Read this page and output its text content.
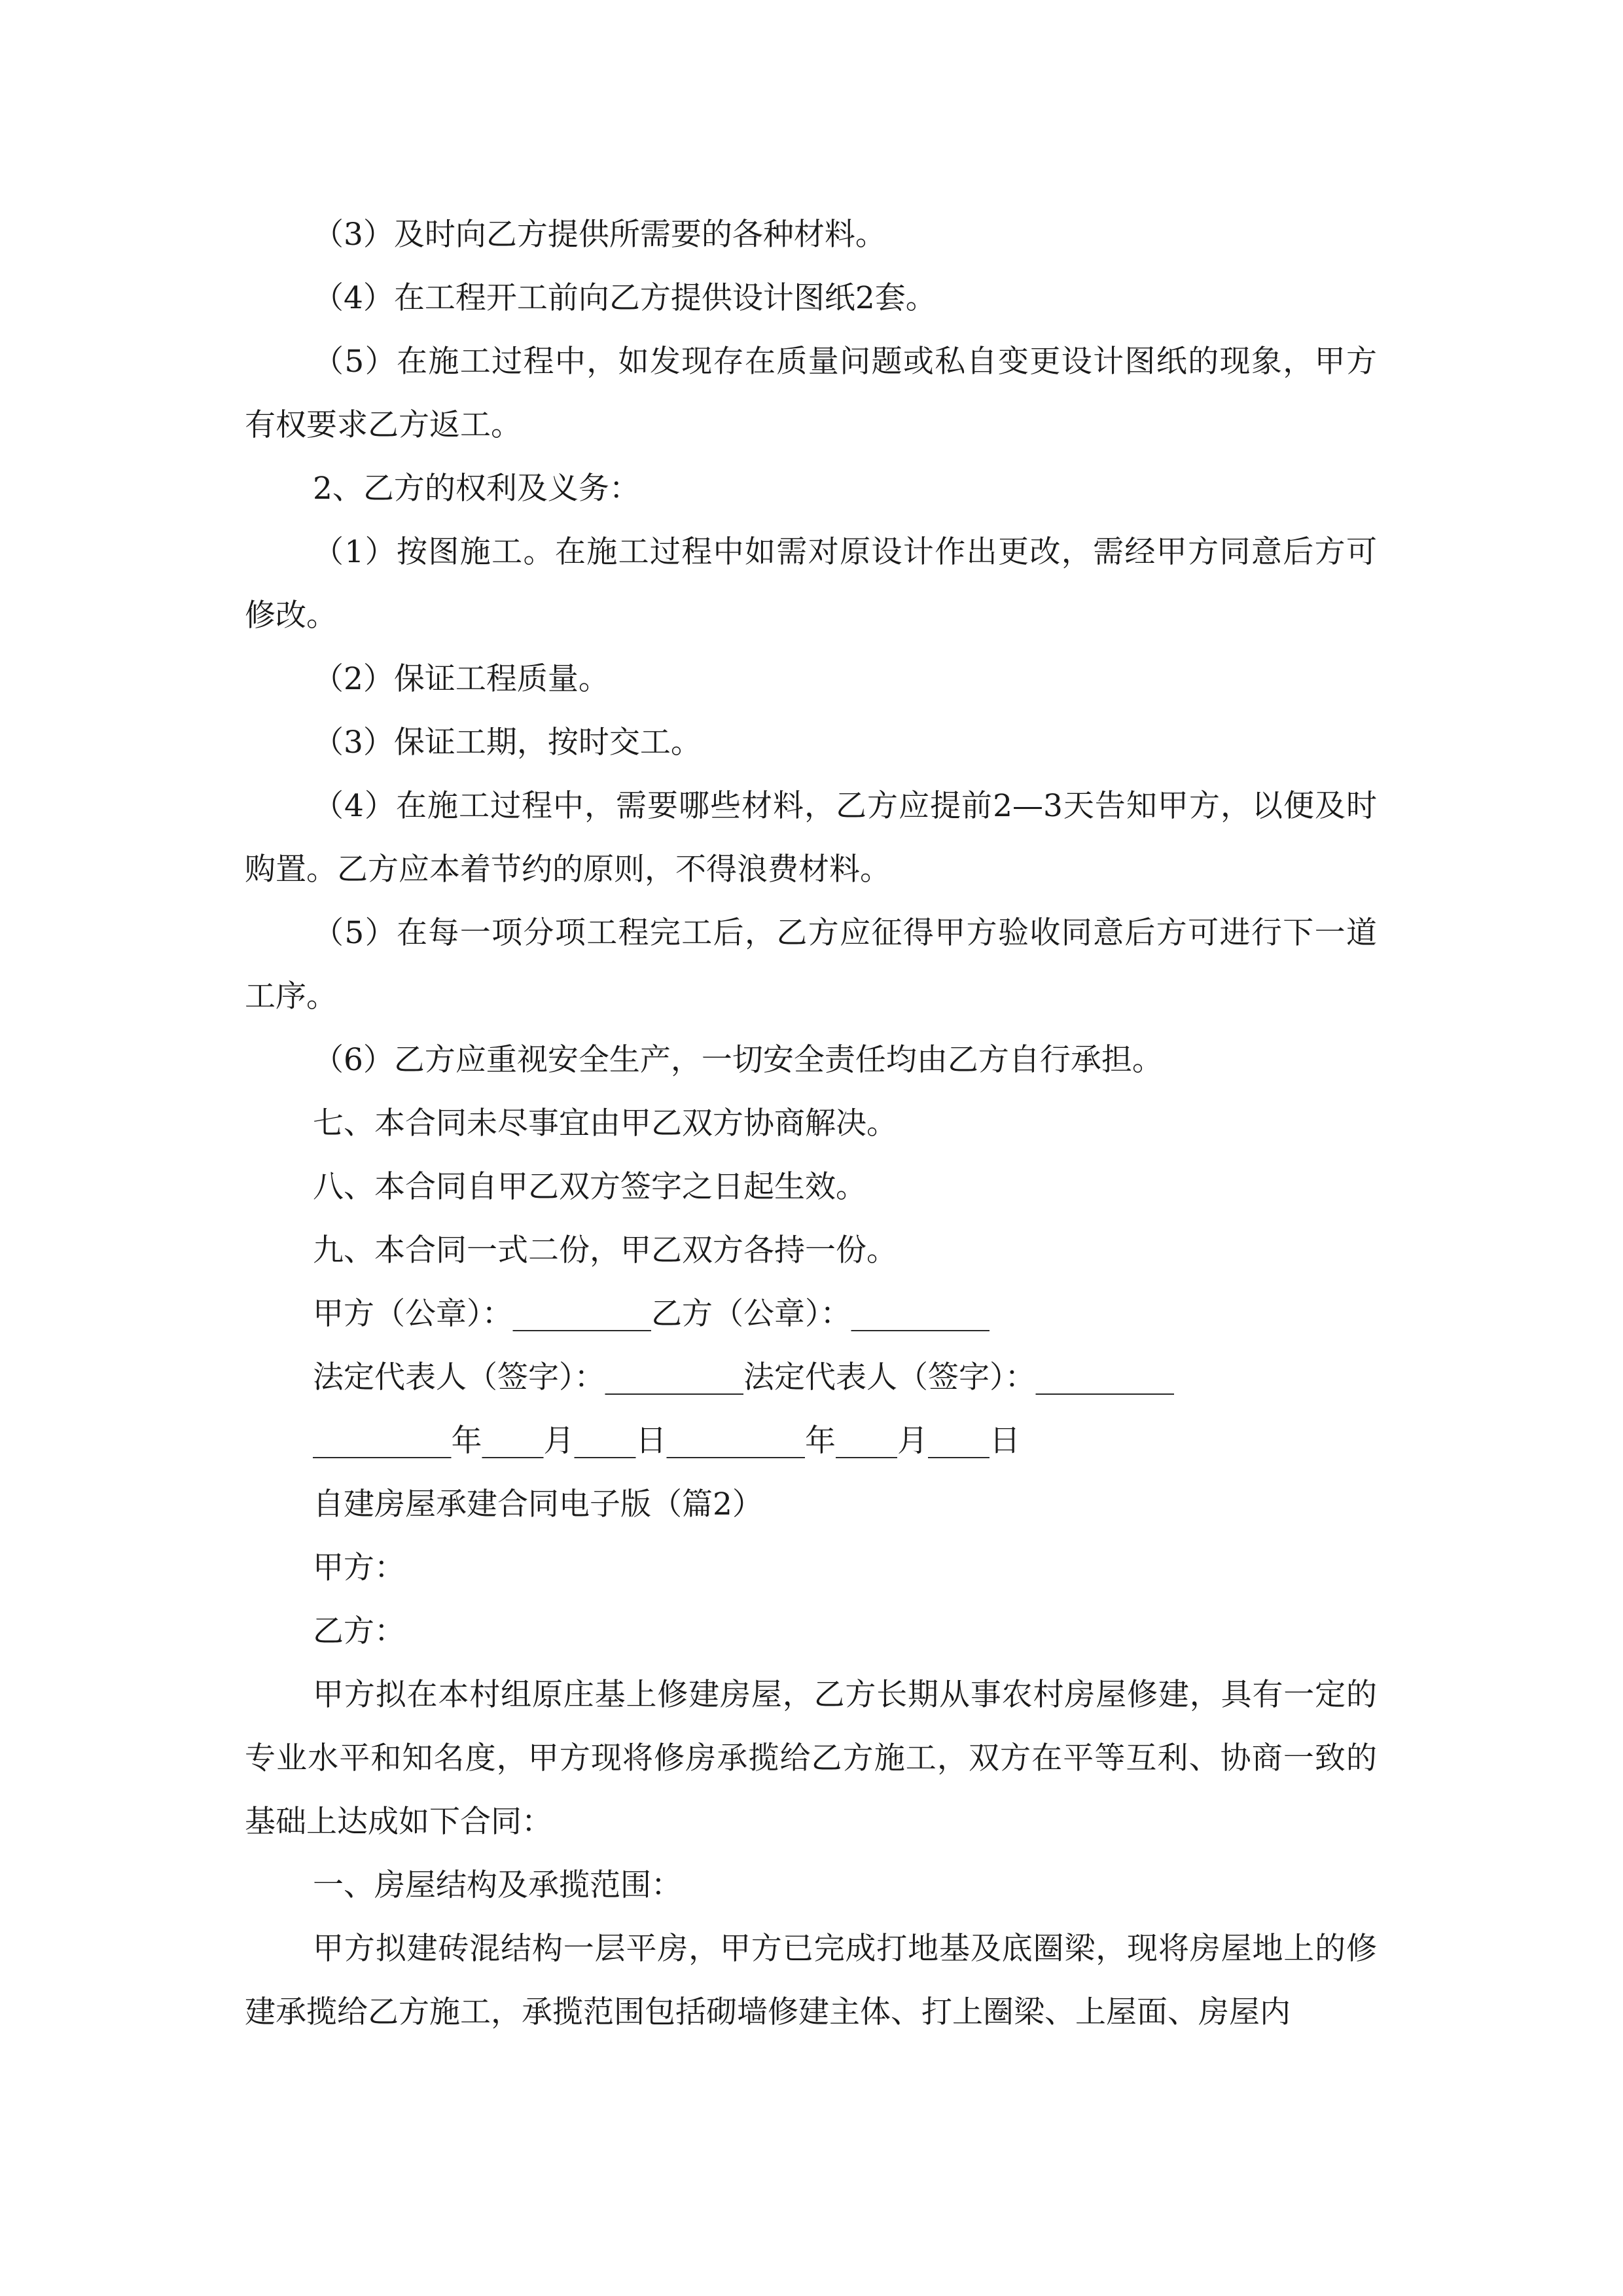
（3）及时向乙方提供所需要的各种材料。

（4）在工程开工前向乙方提供设计图纸2套。

（5）在施工过程中，如发现存在质量问题或私自变更设计图纸的现象，甲方有权要求乙方返工。

2、乙方的权利及义务：

（1）按图施工。在施工过程中如需对原设计作出更改，需经甲方同意后方可修改。

（2）保证工程质量。

（3）保证工期，按时交工。

（4）在施工过程中，需要哪些材料，乙方应提前2—3天告知甲方，以便及时购置。乙方应本着节约的原则，不得浪费材料。

（5）在每一项分项工程完工后，乙方应征得甲方验收同意后方可进行下一道工序。

（6）乙方应重视安全生产，一切安全责任均由乙方自行承担。

七、本合同未尽事宜由甲乙双方协商解决。

八、本合同自甲乙双方签字之日起生效。

九、本合同一式二份，甲乙双方各持一份。

甲方（公章）：_________乙方（公章）：_________

法定代表人（签字）：_________法定代表人（签字）：_________

_________年____月____日_________年____月____日

自建房屋承建合同电子版（篇2）

甲方：

乙方：

甲方拟在本村组原庄基上修建房屋，乙方长期从事农村房屋修建，具有一定的专业水平和知名度，甲方现将修房承揽给乙方施工，双方在平等互利、协商一致的基础上达成如下合同：

一、房屋结构及承揽范围：

甲方拟建砖混结构一层平房，甲方已完成打地基及底圈梁，现将房屋地上的修建承揽给乙方施工，承揽范围包括砌墙修建主体、打上圈梁、上屋面、房屋内
